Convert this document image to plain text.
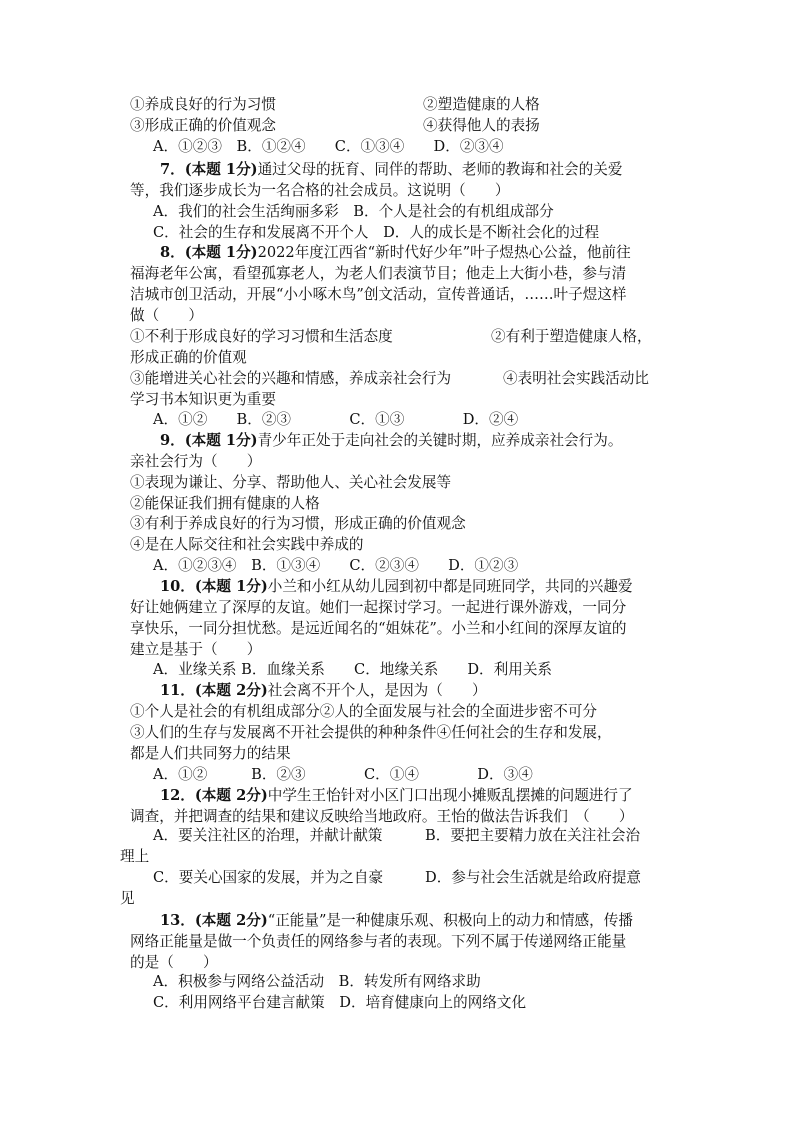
①养成良好的行为习惯	②塑造健康的人格
③形成正确的价值观念	④获得他人的表扬
A．①②③　B．①②④　　C．①③④　　D．②③④
7．(本题 1分)通过父母的抚育、同伴的帮助、老师的教诲和社会的关爱
等，我们逐步成长为一名合格的社会成员。这说明（　　）
A．我们的社会生活绚丽多彩　B．个人是社会的有机组成部分
C．社会的生存和发展离不开个人　D．人的成长是不断社会化的过程
8．(本题 1分)2022年度江西省“新时代好少年”叶子煜热心公益，他前往
福海老年公寓，看望孤寡老人，为老人们表演节目；他走上大街小巷，参与清
洁城市创卫活动，开展“小小啄木鸟”创文活动，宣传普通话，……叶子煜这样
做（　　）
①不利于形成良好的学习习惯和生活态度	②有利于塑造健康人格，
形成正确的价值观
③能增进关心社会的兴趣和情感，养成亲社会行为	④表明社会实践活动比
学习书本知识更为重要
A．①②　　B．②③　　　　C．①③　　　　D．②④
9．(本题 1分)青少年正处于走向社会的关键时期，应养成亲社会行为。
亲社会行为（　　）
①表现为谦让、分享、帮助他人、关心社会发展等
②能保证我们拥有健康的人格
③有利于养成良好的行为习惯，形成正确的价值观念
④是在人际交往和社会实践中养成的
A．①②③④　B．①③④　　C．②③④　　D．①②③
10．(本题 1分)小兰和小红从幼儿园到初中都是同班同学，共同的兴趣爱
好让她俩建立了深厚的友谊。她们一起探讨学习。一起进行课外游戏，一同分
享快乐，一同分担忧愁。是远近闻名的“姐妹花”。小兰和小红间的深厚友谊的
建立是基于（　　）
A．业缘关系 B．血缘关系　　C．地缘关系　　D．利用关系
11．(本题 2分)社会离不开个人，是因为（　　）
①个人是社会的有机组成部分②人的全面发展与社会的全面进步密不可分
③人们的生存与发展离不开社会提供的种种条件④任何社会的生存和发展，
都是人们共同努力的结果
A．①②　　　B．②③　　　　C．①④　　　　D．③④
12．(本题 2分)中学生王怡针对小区门口出现小摊贩乱摆摊的问题进行了
调查，并把调查的结果和建议反映给当地政府。王怡的做法告诉我们　（　　）
A．要关注社区的治理，并献计献策	B．要把主要精力放在关注社会治
理上
C．要关心国家的发展，并为之自豪	D．参与社会生活就是给政府提意
见
13．(本题 2分)“正能量”是一种健康乐观、积极向上的动力和情感，传播
网络正能量是做一个负责任的网络参与者的表现。下列不属于传递网络正能量
的是（　　）
A．积极参与网络公益活动　B．转发所有网络求助
C．利用网络平台建言献策　D．培育健康向上的网络文化
